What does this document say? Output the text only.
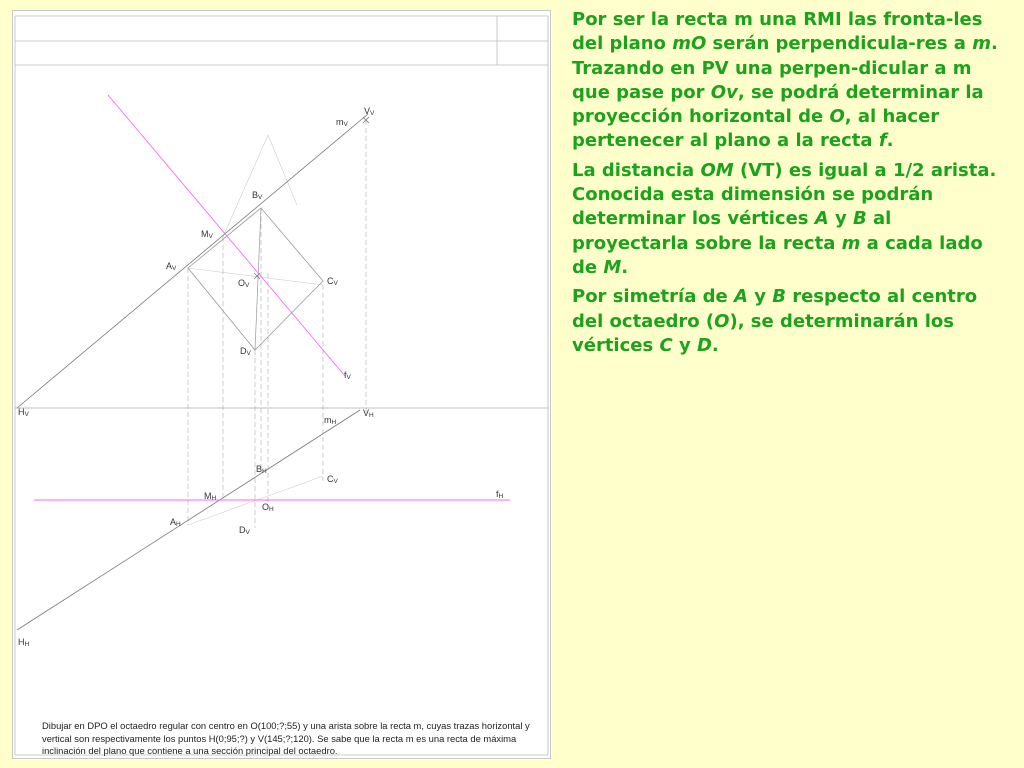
VV
mV
BV
MV
AV
OV	CV
DV
fV
HV	VH
mH
BH
CV
MH	fH
OH
AH
DV
HH

Dibujar en DPO el octaedro regular con centro en O(100;?;55) y una arista sobre la recta m, cuyas trazas horizontal y vertical son respectivamente los puntos H(0;95;?) y V(145;?;120). Se sabe que la recta m es una recta de máxima inclinación del plano que contiene a una sección principal del octaedro.

Por ser la recta m una RMI las fronta-les del plano mO serán perpendicula-res a m. Trazando en PV una perpen-dicular a m que pase por Ov, se podrá determinar la proyección horizontal de O, al hacer pertenecer al plano a la recta f.

La distancia OM (VT) es igual a 1/2 arista. Conocida esta dimensión se podrán determinar los vértices A y B al proyectarla sobre la recta m a cada lado de M.

Por simetría de A y B respecto al centro del octaedro (O), se determinarán los vértices C y D.
